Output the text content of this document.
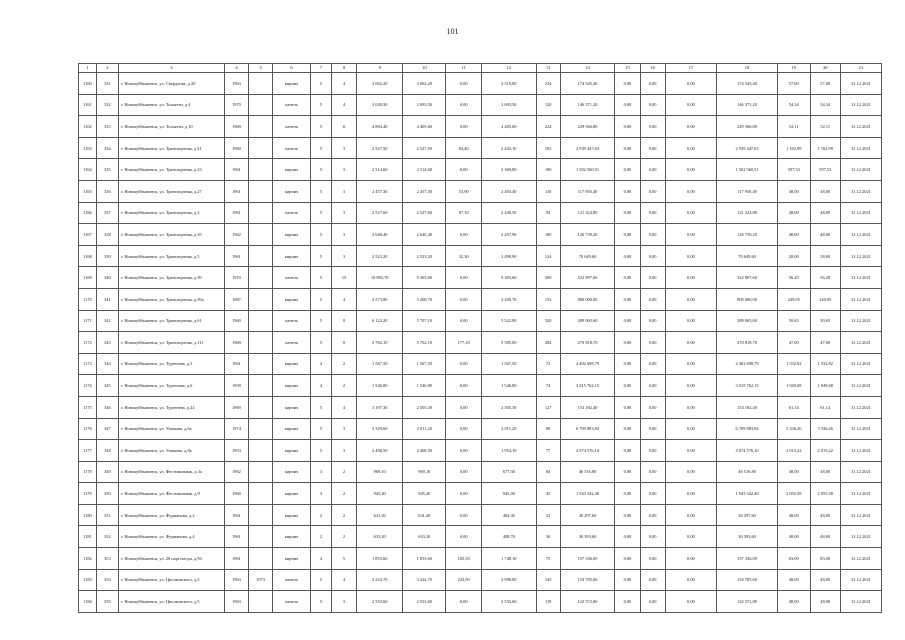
101
1	2	3	4	5	6	7	8	9	10	11	12	13	14	15	16	17	18	19	20	21
1160	331	г. Новокуйбышевск, ул. Свердлова, д.20	1963		кирпич	5	4	3 062,20	3 062,20	0,00	2 519,80	234	174 545,40	0,00	0,00	0,00	174 545,40	57,00	57,00	31.12.2021
1161	332	г. Новокуйбышевск, ул. Тольятти, д.4	1970		панель	5	4	3 049,30	2 693,50	0,00	2 693,50	120	146 371,20	0,00	0,00	0,00	146 371,20	54,34	54,34	31.12.2021
1162	333	г. Новокуйбышевск, ул. Тольятти, д.10	1969		панель	5	6	4 884,40	4 405,60	0,00	4 405,60	224	229 566,80	0,00	0,00	0,00	229 566,80	52,11	52,11	31.12.2021
1163	334	г. Новокуйбышевск, ул. Транспортная, д.21	1960		панель	5	3	2 527,50	2 527,50	84,40	2 443,10	102	2 939 447,63	0,00	0,00	0,00	2 939 447,63	1 162,99	1 162,99	31.12.2021
1164	335	г. Новокуйбышевск, ул. Транспортная, д.23	1961		кирпич	5	3	2 514,60	2 514,60	0,00	2 369,80	180	1 502 560,51	0,00	0,00	0,00	1 502 560,51	597,53	597,53	31.12.2021
1165	336	г. Новокуйбышевск, ул. Транспортная, д.27	1961		кирпич	5	3	2 457,30	2 457,30	53,90	2 403,40	110	117 950,40	0,00	0,00	0,00	117 950,40	48,00	48,00	31.12.2021
1166	337	г. Новокуйбышевск, ул. Транспортная, д.3	1961		панель	5	3	2 527,60	2 527,60	87,10	2 440,50	92	121 324,80	0,00	0,00	0,00	121 324,80	48,00	48,00	31.12.2021
1167	338	г. Новокуйбышевск, ул. Транспортная, д.35	1962		кирпич	5	3	2 640,40	2 640,40	0,00	2 457,90	180	126 739,20	0,00	0,00	0,00	126 739,20	48,00	48,00	31.12.2021
1168	339	г. Новокуйбышевск, ул. Транспортная, д.5	1961		кирпич	5	3	2 523,20	2 523,20	32,30	2 490,90	124	70 649,60	0,00	0,00	0,00	70 649,60	28,00	28,00	31.12.2021
1169	340	г. Новокуйбышевск, ул. Транспортная, д.59	1970		панель	5	15	10 893,70	9 303,60	0,00	9 303,60	500	522 897,60	0,00	0,00	0,00	522 897,60	56,20	56,20	31.12.2021
1170	341	г. Новокуйбышевск, ул. Транспортная, д.59а	1987		кирпич	5	4	3 573,80	3 200,70	0,00	3 200,70	152	800 000,00	0,00	0,00	0,00	800 000,00	249,95	249,95	31.12.2021
1171	342	г. Новокуйбышевск, ул. Транспортная, д.61	1969		панель	5	8	6 122,20	5 707,10	0,00	5 522,80	320	289 065,60	0,00	0,00	0,00	289 065,60	50,65	50,65	31.12.2021
1172	343	г. Новокуйбышевск, ул. Транспортная, д.111	1969		панель	5	8	5 762,10	5 762,10	177,10	5 585,00	284	270 818,70	0,00	0,00	0,00	270 818,70	47,00	47,00	31.12.2021
1173	344	г. Новокуйбышевск, ул. Тургенева, д.5	1961		кирпич	4	2	1 567,50	1 567,50	0,00	1 567,50	73	2 402 698,79	0,00	0,00	0,00	2 402 698,79	1 532,82	1 532,82	31.12.2021
1174	345	г. Новокуйбышевск, ул. Тургенева, д.6	1959		кирпич	4	2	1 546,80	1 546,80	0,00	1 546,80	74	3 015 762,15	0,00	0,00	0,00	3 015 762,15	1 949,68	1 949,68	31.12.2021
1175	346	г. Новокуйбышевск, ул. Тургенева, д.24	1969		кирпич	5	4	3 197,30	2 505,30	0,00	2 505,30	127	153 182,40	0,00	0,00	0,00	153 182,40	61,14	61,14	31.12.2021
1176	347	г. Новокуйбышевск, ул. Ушакова, д.6а	1974		кирпич	5	3	3 329,60	2 011,20	0,00	2 011,20	80	6 709 883,84	0,00	0,00	0,00	6 709 883,84	3 336,26	3 336,26	31.12.2021
1177	348	г. Новокуйбышевск, ул. Ушакова, д.8а	1953		кирпич	5	3	2 468,50	2 468,50	0,00	1 954,10	77	4 974 576,10	0,00	0,00	0,00	4 974 576,10	2 015,22	2 015,22	31.12.2021
1178	349	г. Новокуйбышевск, ул. Фестивальная, д.3а	1962		кирпич	3	2	969,10	969,10	0,00	677,30	84	46 516,80	0,00	0,00	0,00	46 516,80	48,00	48,00	31.12.2021
1179	350	г. Новокуйбышевск, ул. Фестивальная, д.9	1960		кирпич	3	2	945,40	945,40	0,00	945,40	45	1 943 342,40	0,00	0,00	0,00	1 943 342,40	2 055,58	2 055,58	31.12.2021
1180	351	г. Новокуйбышевск, ул. Фурманова, д.2	1961		кирпич	2	2	631,20	631,20	0,00	464,30	52	30 297,60	0,00	0,00	0,00	30 297,60	48,00	48,00	31.12.2021
1181	352	г. Новокуйбышевск, ул. Фурманова, д.4	1961		кирпич	2	2	633,20	633,20	0,00	408,70	36	30 393,60	0,00	0,00	0,00	30 393,60	48,00	48,00	31.12.2021
1182	353	г. Новокуйбышевск, ул. 20 партсъезда, д.56	1961		кирпич	4	5	1 853,60	1 853,60	105,50	1 748,10	75	157 336,00	0,00	0,00	0,00	157 336,00	83,00	83,00	31.12.2021
1183	354	г. Новокуйбышевск, ул. Циолковского, д.3	1963	1973	панель	5	4	3 224,70	3 224,70	225,90	2 998,80	145	154 785,60	0,00	0,00	0,00	154 785,60	48,00	48,00	31.12.2021
1184	355	г. Новокуйбышевск, ул. Циолковского, д.5	1963		панель	5	3	2 553,60	2 553,60	0,00	2 553,60	119	122 572,80	0,00	0,00	0,00	122 572,80	48,00	48,00	31.12.2021
